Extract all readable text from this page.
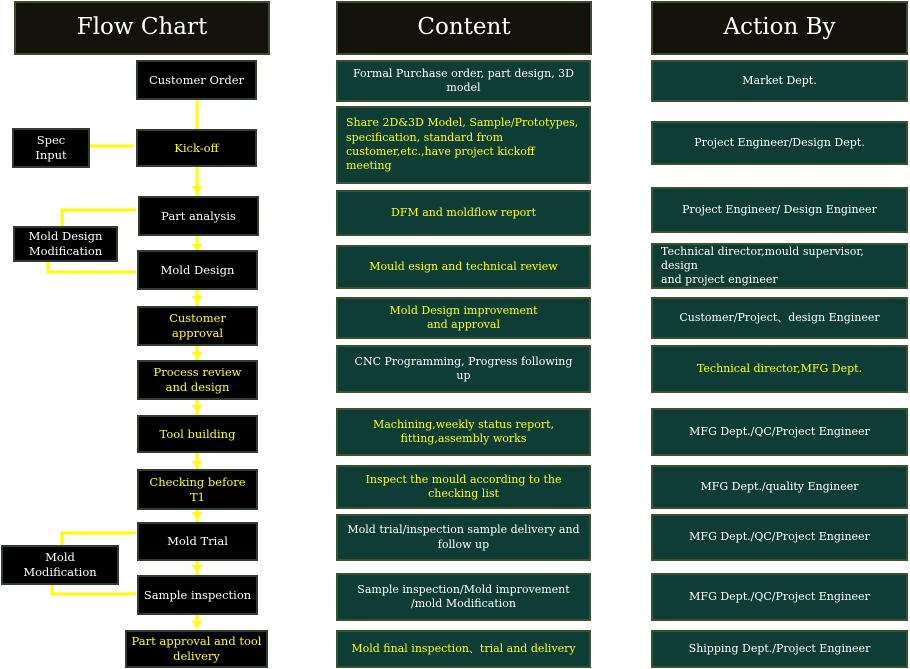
Flow Chart	Content	Action By
Customer Order
Kick-off
Part analysis
Mold Design
Customer
approval
Process review
and design
Tool building
Checking before
T1
Mold Trial
Sample inspection
Part approval and tool
delivery
Spec
Input
Mold Design
Modification
Mold
Modification
Formal Purchase order, part design, 3D
model
Share 2D&3D Model, Sample/Prototypes,
specification, standard from
customer,etc.,have project kickoff meeting
DFM and moldflow report
Mould esign and technical review
Mold Design improvement
and approval
CNC Programming, Progress following up
Machining,weekly status report,
fitting,assembly works
Inspect the mould according to the
checking list
Mold trial/inspection sample delivery and
follow up
Sample inspection/Mold improvement
/mold Modification
Mold final inspection、trial and delivery
Market Dept.
Project Engineer/Design Dept.
Project Engineer/ Design Engineer
Technical director,mould supervisor, design
and project engineer
Customer/Project、design Engineer
Technical director,MFG Dept.
MFG Dept./QC/Project Engineer
MFG Dept./quality Engineer
MFG Dept./QC/Project Engineer
MFG Dept./QC/Project Engineer
Shipping Dept./Project Engineer
